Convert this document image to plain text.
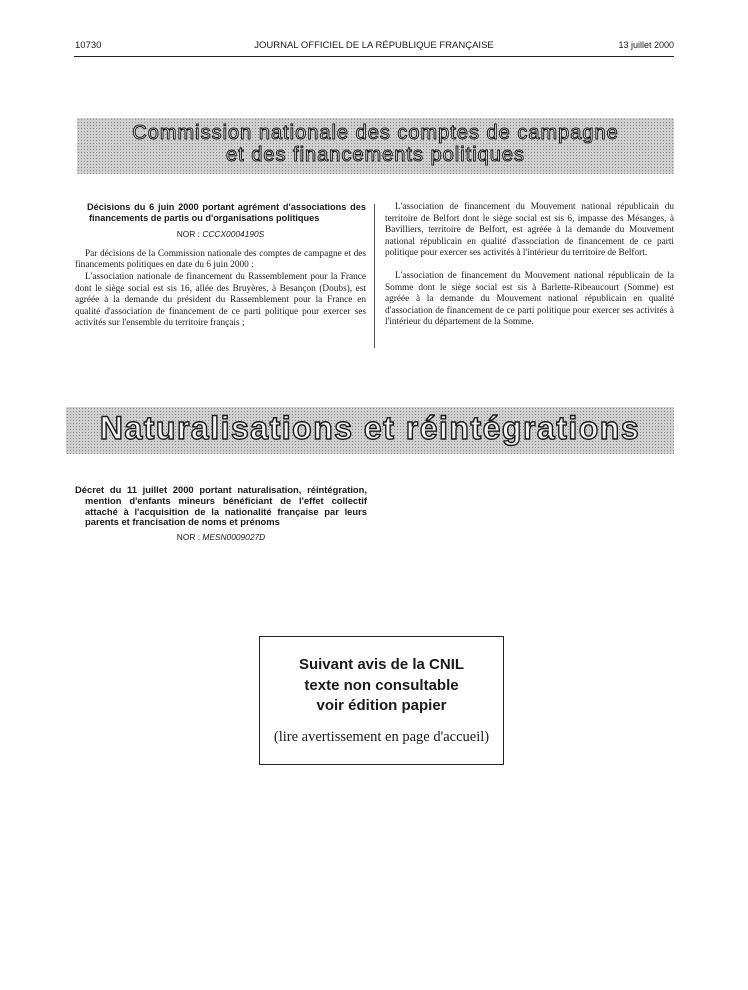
10730	JOURNAL OFFICIEL DE LA RÉPUBLIQUE FRANÇAISE	13 juillet 2000
Commission nationale des comptes de campagne
et des financements politiques

Décisions du 6 juin 2000 portant agrément d'associations des financements de partis ou d'organisations politiques

NOR : CCCX0004190S

Par décisions de la Commission nationale des comptes de campagne et des financements politiques en date du 6 juin 2000 :

L'association nationale de financement du Rassemblement pour la France dont le siège social est sis 16, allée des Bruyères, à Besançon (Doubs), est agréée à la demande du président du Rassemblement pour la France en qualité d'association de financement de ce parti politique pour exercer ses activités sur l'ensemble du territoire français ;

L'association de financement du Mouvement national républicain du territoire de Belfort dont le siège social est sis 6, impasse des Mésanges, à Bavilliers, territoire de Belfort, est agréée à la demande du Mouvement national républicain en qualité d'association de financement de ce parti politique pour exercer ses activités à l'intérieur du territoire de Belfort.

L'association de financement du Mouvement national républicain de la Somme dont le siège social est sis à Barlette-Ribeaucourt (Somme) est agréée à la demande du Mouvement national républicain en qualité d'association de financement de ce parti politique pour exercer ses activités à l'intérieur du département de la Somme.

Naturalisations et réintégrations

Décret du 11 juillet 2000 portant naturalisation, réintégration, mention d'enfants mineurs bénéficiant de l'effet collectif attaché à l'acquisition de la nationalité française par leurs parents et francisation de noms et prénoms

NOR : MESN0009027D
Suivant avis de la CNIL
texte non consultable
voir édition papier
(lire avertissement en page d'accueil)
